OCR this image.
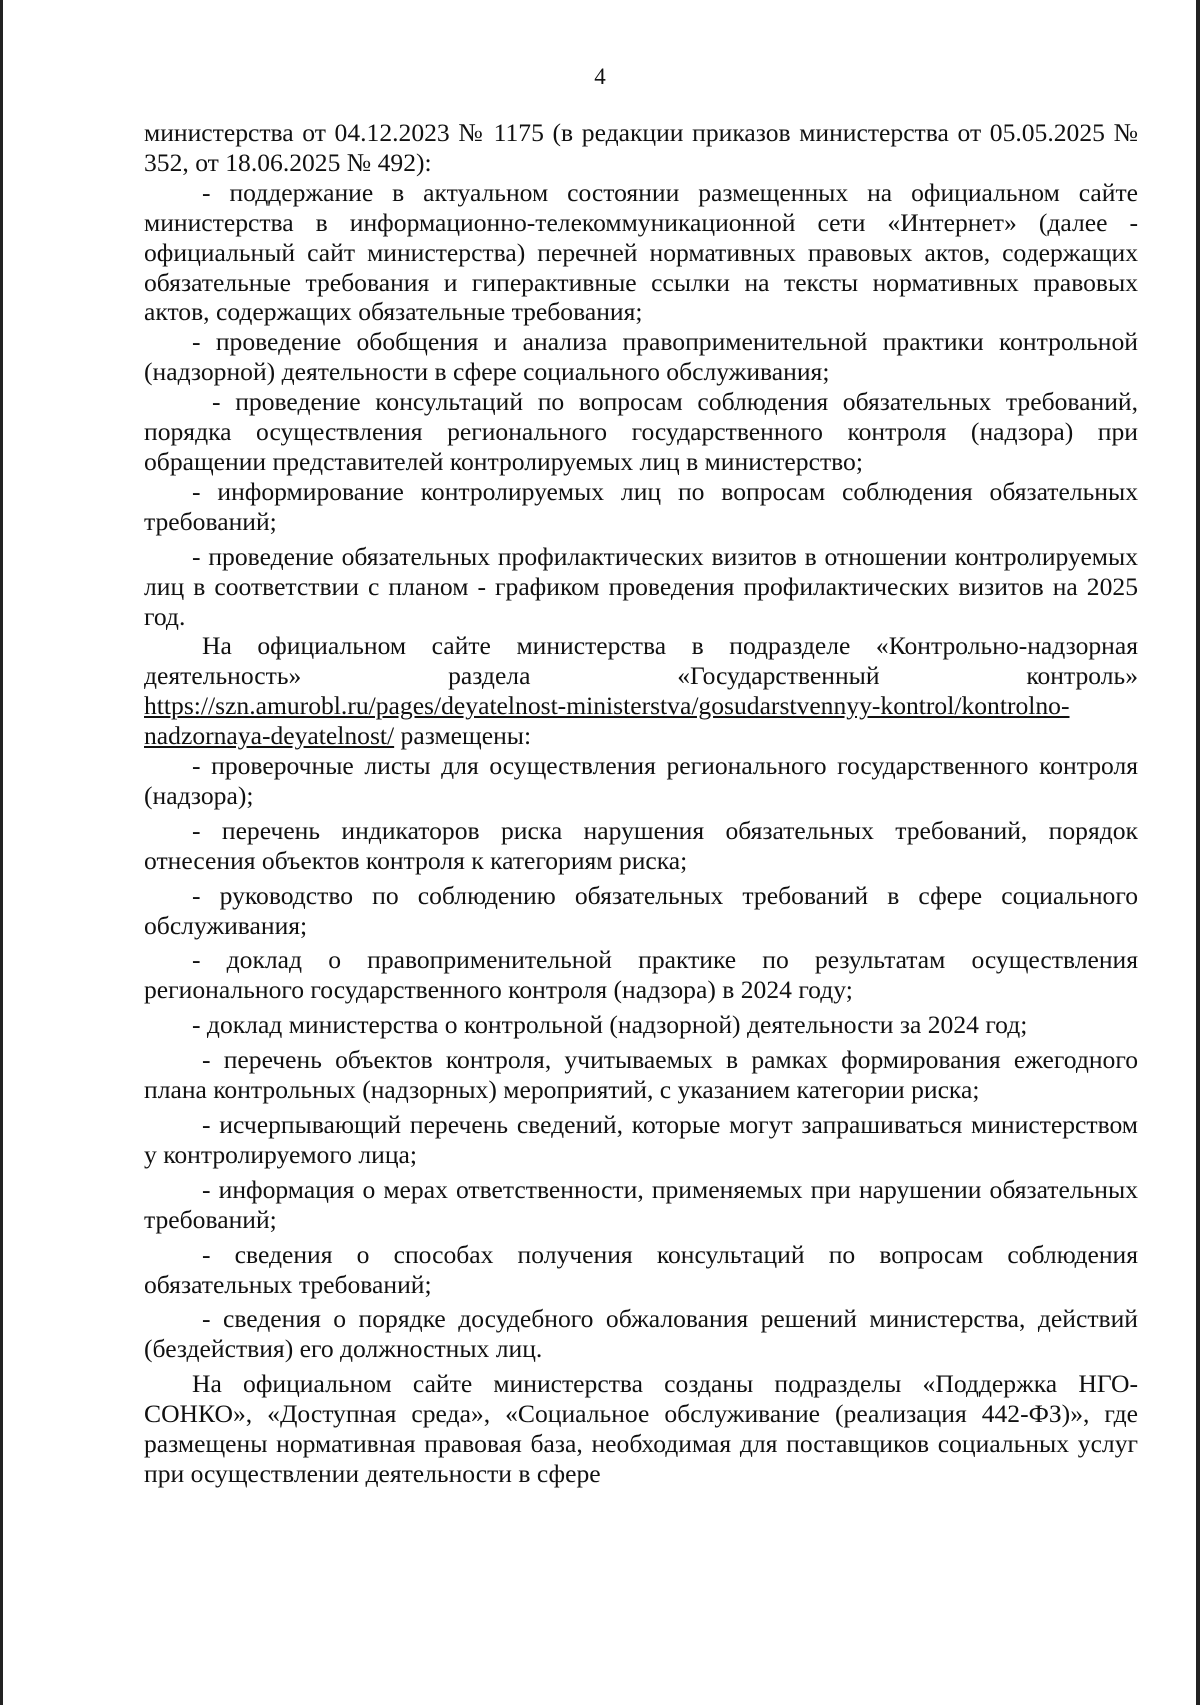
4

министерства от 04.12.2023 № 1175 (в редакции приказов министерства от 05.05.2025 № 352, от 18.06.2025 № 492):

- поддержание в актуальном состоянии размещенных на официальном сайте министерства в информационно-телекоммуникационной сети «Интернет» (далее - официальный сайт министерства) перечней нормативных правовых актов, содержащих обязательные требования и гиперактивные ссылки на тексты нормативных правовых актов, содержащих обязательные требования;

- проведение обобщения и анализа правоприменительной практики контрольной (надзорной) деятельности в сфере социального обслуживания;

- проведение консультаций по вопросам соблюдения обязательных требований, порядка осуществления регионального государственного контроля (надзора) при обращении представителей контролируемых лиц в министерство;

- информирование контролируемых лиц по вопросам соблюдения обязательных требований;

- проведение обязательных профилактических визитов в отношении контролируемых лиц в соответствии с планом - графиком проведения профилактических визитов на 2025 год.

На официальном сайте министерства в подразделе «Контрольно-надзорная деятельность» раздела «Государственный контроль» https://szn.amurobl.ru/pages/deyatelnost-ministerstva/gosudarstvennyy-kontrol/kontrolno-nadzornaya-deyatelnost/ размещены:

- проверочные листы для осуществления регионального государственного контроля (надзора);

- перечень индикаторов риска нарушения обязательных требований, порядок отнесения объектов контроля к категориям риска;

- руководство по соблюдению обязательных требований в сфере социального обслуживания;

- доклад о правоприменительной практике по результатам осуществления регионального государственного контроля (надзора) в 2024 году;

- доклад министерства о контрольной (надзорной) деятельности за 2024 год;

- перечень объектов контроля, учитываемых в рамках формирования ежегодного плана контрольных (надзорных) мероприятий, с указанием категории риска;

- исчерпывающий перечень сведений, которые могут запрашиваться министерством у контролируемого лица;

- информация о мерах ответственности, применяемых при нарушении обязательных требований;

- сведения о способах получения консультаций по вопросам соблюдения обязательных требований;

- сведения о порядке досудебного обжалования решений министерства, действий (бездействия) его должностных лиц.

На официальном сайте министерства созданы подразделы «Поддержка НГО-СОНКО», «Доступная среда», «Социальное обслуживание (реализация 442-ФЗ)», где размещены нормативная правовая база, необходимая для поставщиков социальных услуг при осуществлении деятельности в сфере
